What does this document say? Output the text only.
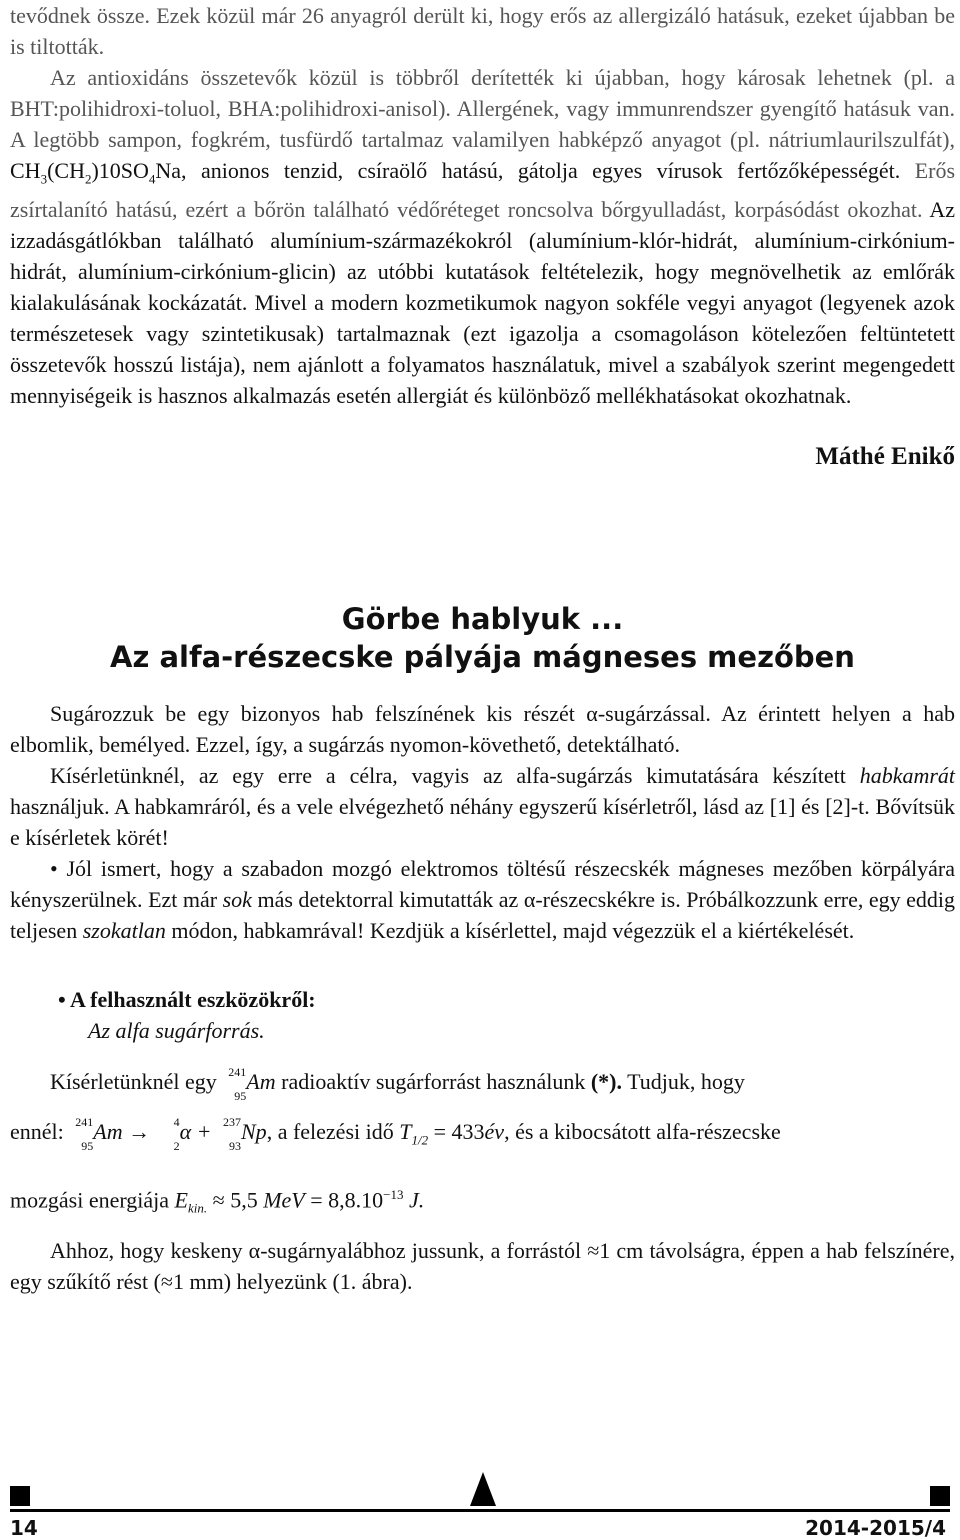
tevődnek össze. Ezek közül már 26 anyagról derült ki, hogy erős az allergizáló hatásuk, ezeket újabban be is tiltották.

Az antioxidáns összetevők közül is többről derítették ki újabban, hogy károsak lehetnek (pl. a BHT:polihidroxi-toluol, BHA:polihidroxi-anisol). Allergének, vagy immunrendszer gyengítő hatásuk van. A legtöbb sampon, fogkrém, tusfürdő tartalmaz valamilyen habképző anyagot (pl. nátriumlaurilszulfát), $CH_3(CH_2)10SO_4Na$, anionos tenzid, csíraölő hatású, gátolja egyes vírusok fertőzőképességét. Erős zsírtalanító hatású, ezért a bőrön található védőréteget roncsolva bőrgyulladást, korpásódást okozhat. Az izzadásgátlókban található alumínium-származékokról (alumínium-klór-hidrát, alumínium-cirkónium-hidrát, alumínium-cirkónium-glicin) az utóbbi kutatások feltételezik, hogy megnövelhetik az emlőrák kialakulásának kockázatát. Mivel a modern kozmetikumok nagyon sokféle vegyi anyagot (legyenek azok természetesek vagy szintetikusak) tartalmaznak (ezt igazolja a csomagoláson kötelezően feltüntetett összetevők hosszú listája), nem ajánlott a folyamatos használatuk, mivel a szabályok szerint megengedett mennyiségeik is hasznos alkalmazás esetén allergiát és különböző mellékhatásokat okozhatnak.

Máthé Enikő

Görbe hablyuk ...
Az alfa-részecske pályája mágneses mezőben

Sugározzuk be egy bizonyos hab felszínének kis részét α-sugárzással. Az érintett helyen a hab elbomlik, bemélyed. Ezzel, így, a sugárzás nyomon-követhető, detektálható.

Kísérletünknél, az egy erre a célra, vagyis az alfa-sugárzás kimutatására készített habkamrát használjuk. A habkamráról, és a vele elvégezhető néhány egyszerű kísérletről, lásd az [1] és [2]-t. Bővítsük e kísérletek körét!

• Jól ismert, hogy a szabadon mozgó elektromos töltésű részecskék mágneses mezőben körpályára kényszerülnek. Ezt már sok más detektorral kimutatták az α-részecskékre is. Próbálkozzunk erre, egy eddig teljesen szokatlan módon, habkamrával! Kezdjük a kísérlettel, majd végezzük el a kiértékelését.

• A felhasznált eszközökről:

Az alfa sugárforrás.

Kísérletünknél egy 241
95
Am radioaktív sugárforrást használunk (*). Tudjuk, hogy

ennél: 241
95
Am → 4
2
α + 237
93
Np, a felezési idő $T_{1/2}$ = 433év, és a kibocsátott alfa-részecske

mozgási energiája $E_{kin.} \approx 5,5$ MeV = $8,8.10^{-13}$ J.

Ahhoz, hogy keskeny α-sugárnyalábhoz jussunk, a forrástól ≈1 cm távolságra, éppen a hab felszínére, egy szűkítő rést (≈1 mm) helyezünk (1. ábra).

14	2014-2015/4
